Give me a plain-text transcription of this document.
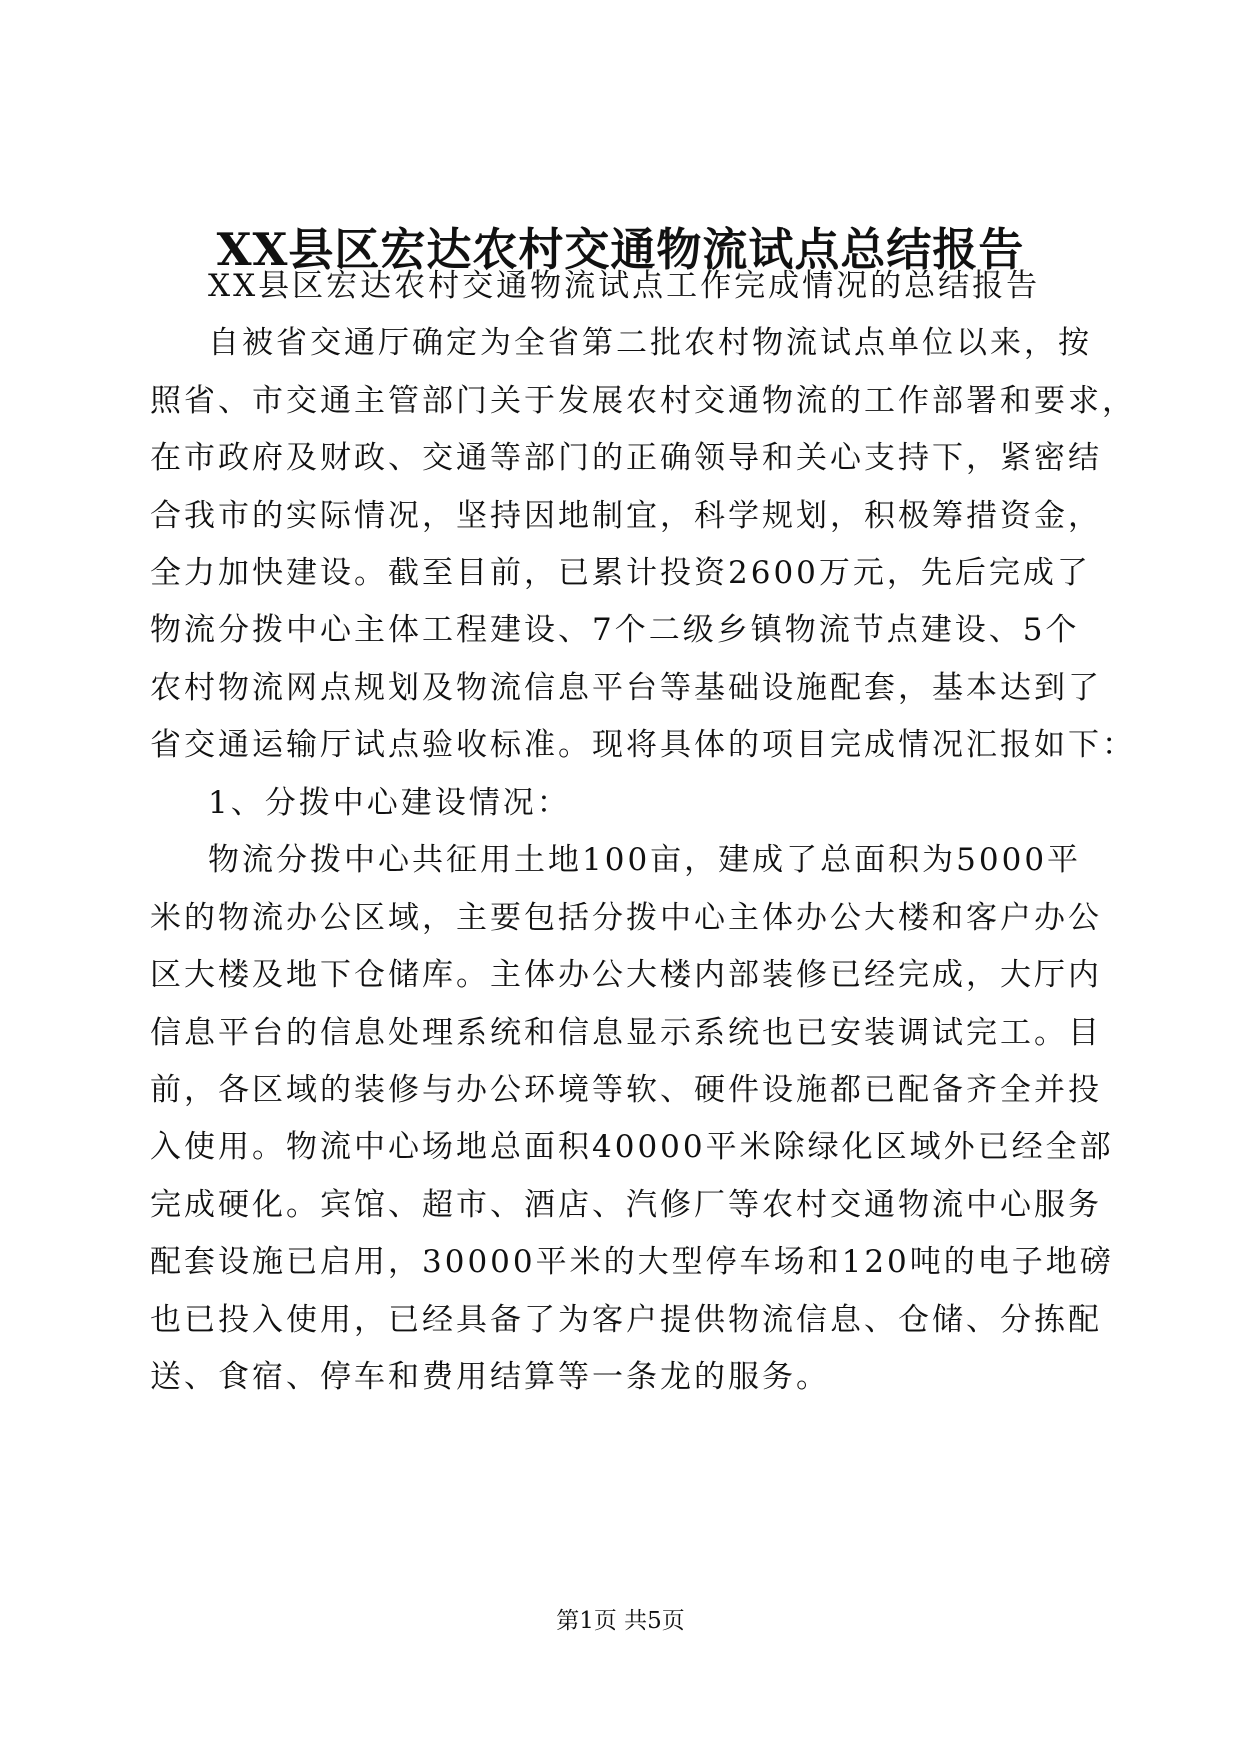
XX县区宏达农村交通物流试点总结报告
XX县区宏达农村交通物流试点工作完成情况的总结报告
自被省交通厅确定为全省第二批农村物流试点单位以来，按
照省、市交通主管部门关于发展农村交通物流的工作部署和要求，
在市政府及财政、交通等部门的正确领导和关心支持下，紧密结
合我市的实际情况，坚持因地制宜，科学规划，积极筹措资金，
全力加快建设。截至目前，已累计投资2600万元，先后完成了
物流分拨中心主体工程建设、7个二级乡镇物流节点建设、5个
农村物流网点规划及物流信息平台等基础设施配套，基本达到了
省交通运输厅试点验收标准。现将具体的项目完成情况汇报如下：
1、分拨中心建设情况：
物流分拨中心共征用土地100亩，建成了总面积为5000平
米的物流办公区域，主要包括分拨中心主体办公大楼和客户办公
区大楼及地下仓储库。主体办公大楼内部装修已经完成，大厅内
信息平台的信息处理系统和信息显示系统也已安装调试完工。目
前，各区域的装修与办公环境等软、硬件设施都已配备齐全并投
入使用。物流中心场地总面积40000平米除绿化区域外已经全部
完成硬化。宾馆、超市、酒店、汽修厂等农村交通物流中心服务
配套设施已启用，30000平米的大型停车场和120吨的电子地磅
也已投入使用，已经具备了为客户提供物流信息、仓储、分拣配
送、食宿、停车和费用结算等一条龙的服务。
第1页 共5页
